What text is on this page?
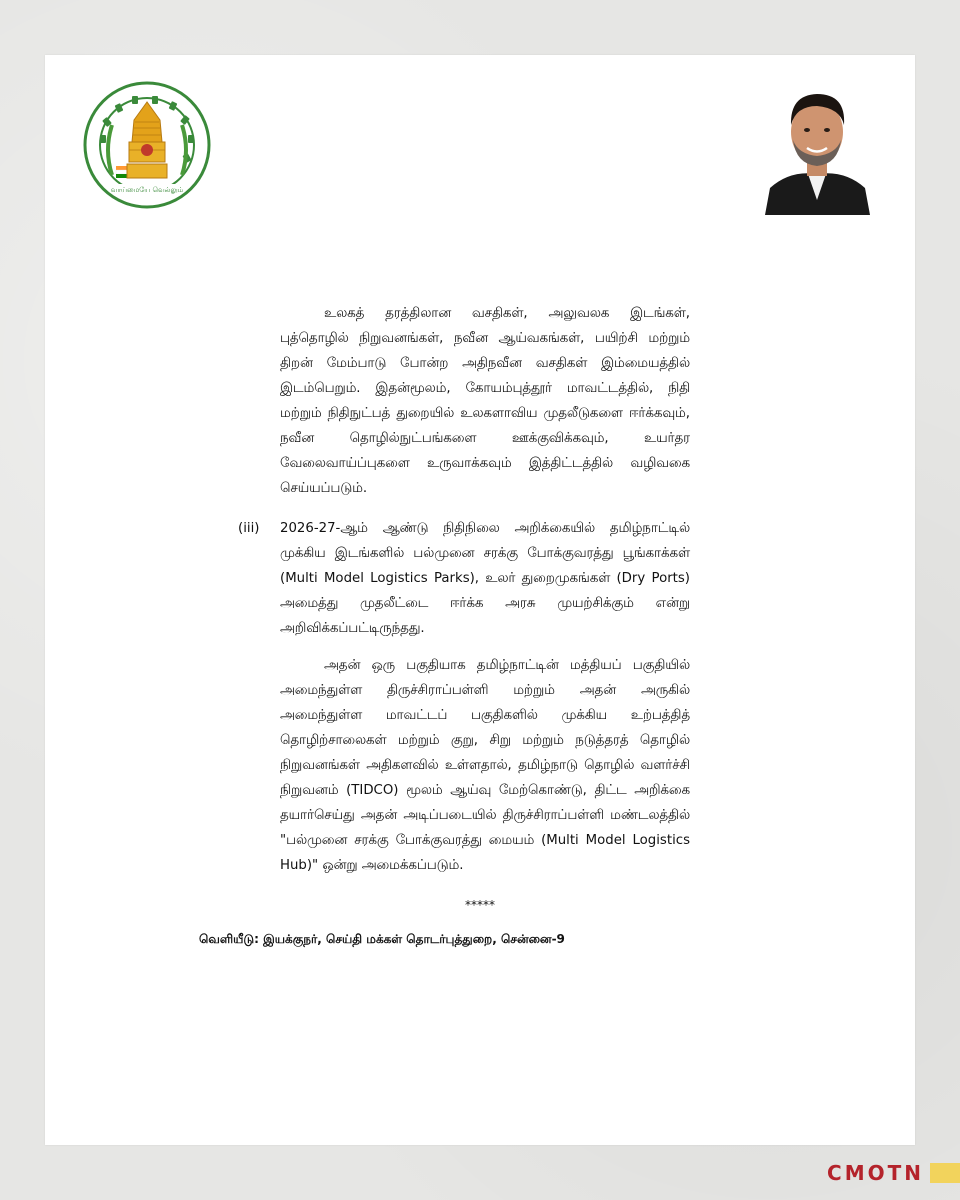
வாய்மையே வெல்லும்

உலகத் தரத்திலான வசதிகள், அலுவலக இடங்கள், புத்தொழில் நிறுவனங்கள், நவீன ஆய்வகங்கள், பயிற்சி மற்றும் திறன் மேம்பாடு போன்ற அதிநவீன வசதிகள் இம்மையத்தில் இடம்பெறும். இதன்மூலம், கோயம்புத்தூர் மாவட்டத்தில், நிதி மற்றும் நிதிநுட்பத் துறையில் உலகளாவிய முதலீடுகளை ஈர்க்கவும், நவீன தொழில்நுட்பங்களை ஊக்குவிக்கவும், உயர்தர வேலைவாய்ப்புகளை உருவாக்கவும் இத்திட்டத்தில் வழிவகை செய்யப்படும்.

(iii) 2026-27-ஆம் ஆண்டு நிதிநிலை அறிக்கையில் தமிழ்நாட்டில் முக்கிய இடங்களில் பல்முனை சரக்கு போக்குவரத்து பூங்காக்கள் (Multi Model Logistics Parks), உலர் துறைமுகங்கள் (Dry Ports) அமைத்து முதலீட்டை ஈர்க்க அரசு முயற்சிக்கும் என்று அறிவிக்கப்பட்டிருந்தது.
அதன் ஒரு பகுதியாக தமிழ்நாட்டின் மத்தியப் பகுதியில் அமைந்துள்ள திருச்சிராப்பள்ளி மற்றும் அதன் அருகில் அமைந்துள்ள மாவட்டப் பகுதிகளில் முக்கிய உற்பத்தித் தொழிற்சாலைகள் மற்றும் குறு, சிறு மற்றும் நடுத்தரத் தொழில் நிறுவனங்கள் அதிகளவில் உள்ளதால், தமிழ்நாடு தொழில் வளர்ச்சி நிறுவனம் (TIDCO) மூலம் ஆய்வு மேற்கொண்டு, திட்ட அறிக்கை தயார்செய்து அதன் அடிப்படையில் திருச்சிராப்பள்ளி மண்டலத்தில் "பல்முனை சரக்கு போக்குவரத்து மையம் (Multi Model Logistics Hub)" ஒன்று அமைக்கப்படும்.
*****
வெளியீடு: இயக்குநர், செய்தி மக்கள் தொடர்புத்துறை, சென்னை-9
CMOTN
